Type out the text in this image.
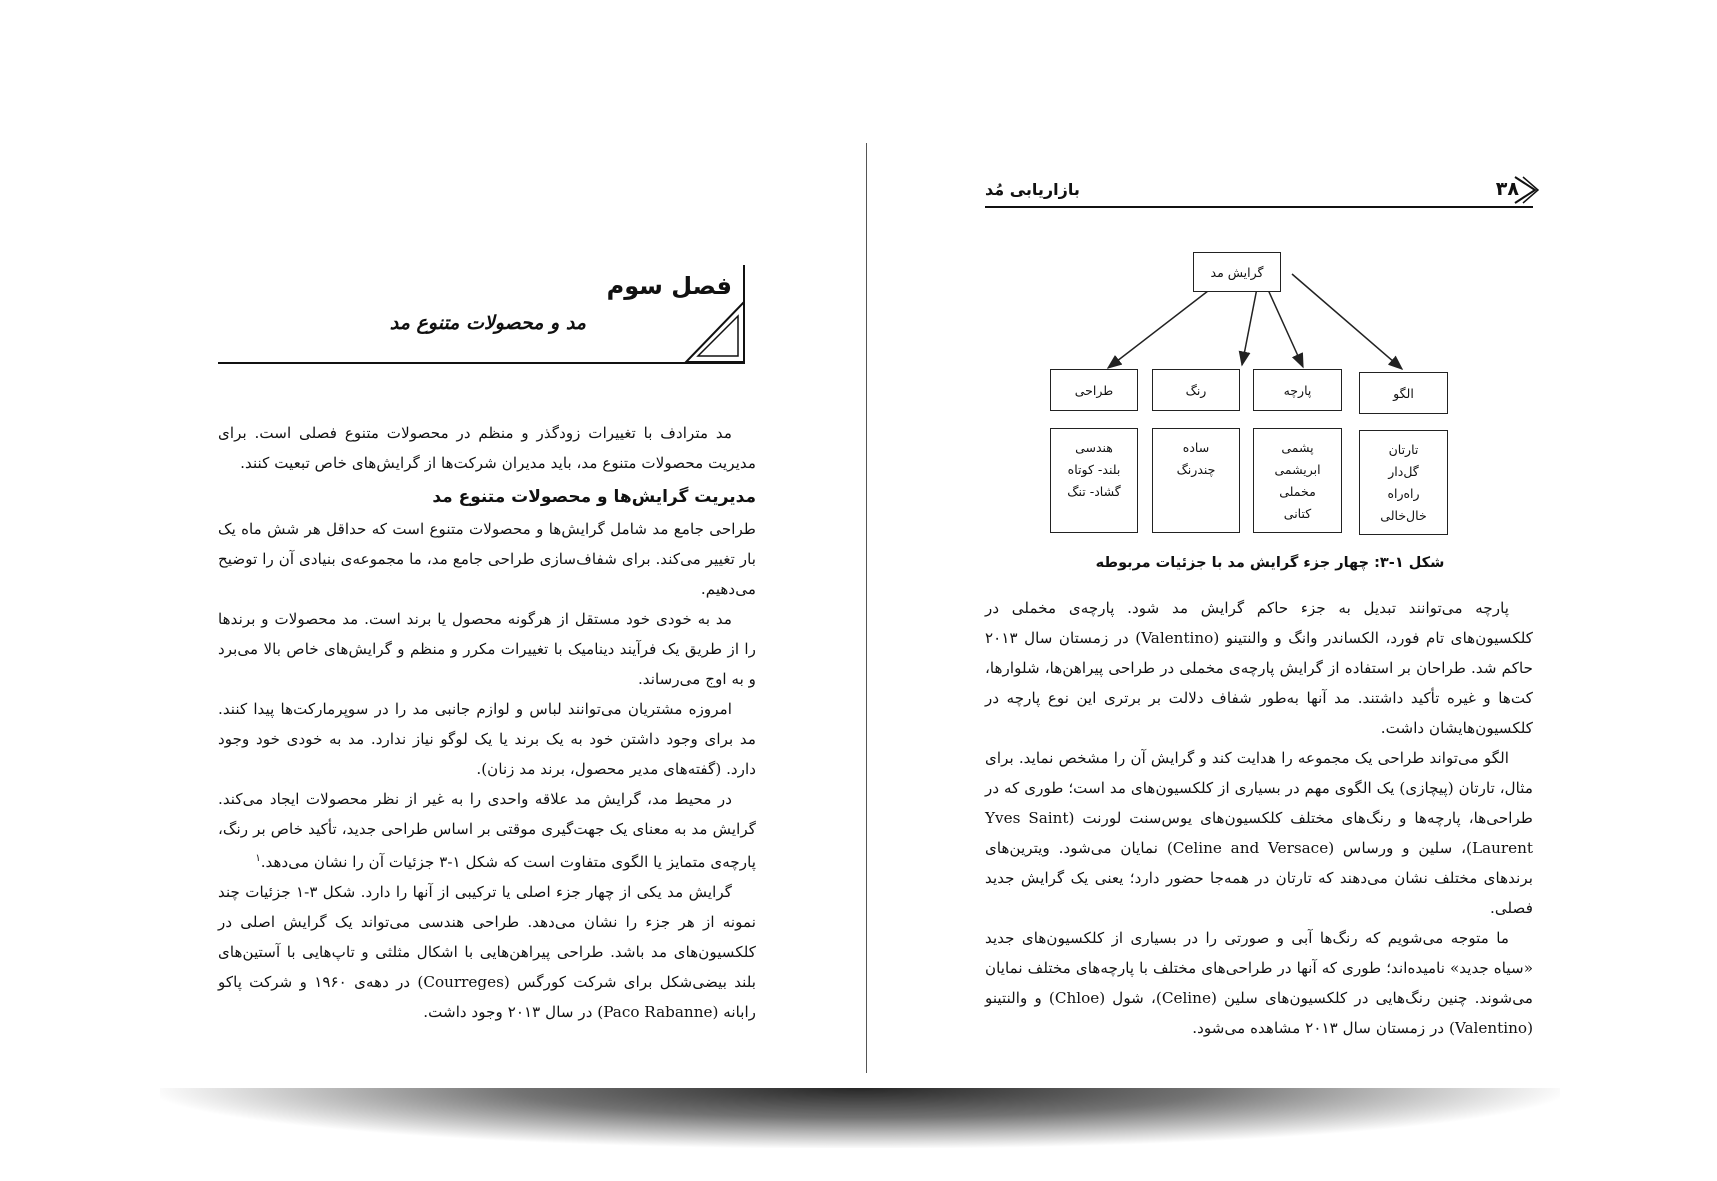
فصل سوم
مد و محصولات متنوع مد

مد مترادف با تغییرات زودگذر و منظم در محصولات متنوع فصلی است. برای مدیریت محصولات متنوع مد، باید مدیران شرکت‌ها از گرایش‌های خاص تبعیت کنند.

مدیریت گرایش‌ها و محصولات متنوع مد

طراحی جامع مد شامل گرایش‌ها و محصولات متنوع است که حداقل هر شش ماه یک بار تغییر می‌کند. برای شفاف‌سازی طراحی جامع مد، ما مجموعه‌ی بنیادی آن را توضیح می‌دهیم.

مد به خودی خود مستقل از هرگونه محصول یا برند است. مد محصولات و برندها را از طریق یک فرآیند دینامیک با تغییرات مکرر و منظم و گرایش‌های خاص بالا می‌برد و به اوج می‌رساند.

امروزه مشتریان می‌توانند لباس و لوازم جانبی مد را در سوپرمارکت‌ها پیدا کنند. مد برای وجود داشتن خود به یک برند یا یک لوگو نیاز ندارد. مد به خودی خود وجود دارد. (گفته‌های مدیر محصول، برند مد زنان).

در محیط مد، گرایش مد علاقه واحدی را به غیر از نظر محصولات ایجاد می‌کند. گرایش مد به معنای یک جهت‌گیری موقتی بر اساس طراحی جدید، تأکید خاص بر رنگ، پارچه‌ی متمایز یا الگوی متفاوت است که شکل ۱-۳ جزئیات آن را نشان می‌دهد.$^۱$

گرایش مد یکی از چهار جزء اصلی یا ترکیبی از آنها را دارد. شکل ۳-۱ جزئیات چند نمونه از هر جزء را نشان می‌دهد. طراحی هندسی می‌تواند یک گرایش اصلی در کلکسیون‌های مد باشد. طراحی پیراهن‌هایی با اشکال مثلثی و تاپ‌هایی با آستین‌های بلند بیضی‌شکل برای شرکت کورگس (Courreges) در دهه‌ی ۱۹۶۰ و شرکت پاکو رابانه (Paco Rabanne) در سال ۲۰۱۳ وجود داشت.

بازاریابی مُد	۳۸
گرایش مد
طراحی	رنگ	پارچه	الگو
هندسی
بلند- کوتاه
گشاد- تنگ
ساده
چندرنگ
پشمی
ابریشمی
مخملی
کتانی
تارتان
گل‌دار
راه‌راه
خال‌خالی
شکل ۱-۳: چهار جزء گرایش مد با جزئیات مربوطه

پارچه می‌توانند تبدیل به جزء حاکم گرایش مد شود. پارچه‌ی مخملی در کلکسیون‌های تام فورد، الکساندر وانگ و والنتینو (Valentino) در زمستان سال ۲۰۱۳ حاکم شد. طراحان بر استفاده از گرایش پارچه‌ی مخملی در طراحی پیراهن‌ها، شلوارها، کت‌ها و غیره تأکید داشتند. مد آنها به‌طور شفاف دلالت بر برتری این نوع پارچه در کلکسیون‌هایشان داشت.

الگو می‌تواند طراحی یک مجموعه را هدایت کند و گرایش آن را مشخص نماید. برای مثال، تارتان (پیچازی) یک الگوی مهم در بسیاری از کلکسیون‌های مد است؛ طوری که در طراحی‌ها، پارچه‌ها و رنگ‌های مختلف کلکسیون‌های یوس‌سنت لورنت (Yves Saint Laurent)، سلین و ورساس (Celine and Versace) نمایان می‌شود. ویترین‌های برندهای مختلف نشان می‌دهند که تارتان در همه‌جا حضور دارد؛ یعنی یک گرایش جدید فصلی.

ما متوجه می‌شویم که رنگ‌ها آبی و صورتی را در بسیاری از کلکسیون‌های جدید «سیاه جدید» نامیده‌اند؛ طوری که آنها در طراحی‌های مختلف با پارچه‌های مختلف نمایان می‌شوند. چنین رنگ‌هایی در کلکسیون‌های سلین (Celine)، شول (Chloe) و والنتینو (Valentino) در زمستان سال ۲۰۱۳ مشاهده می‌شود.
